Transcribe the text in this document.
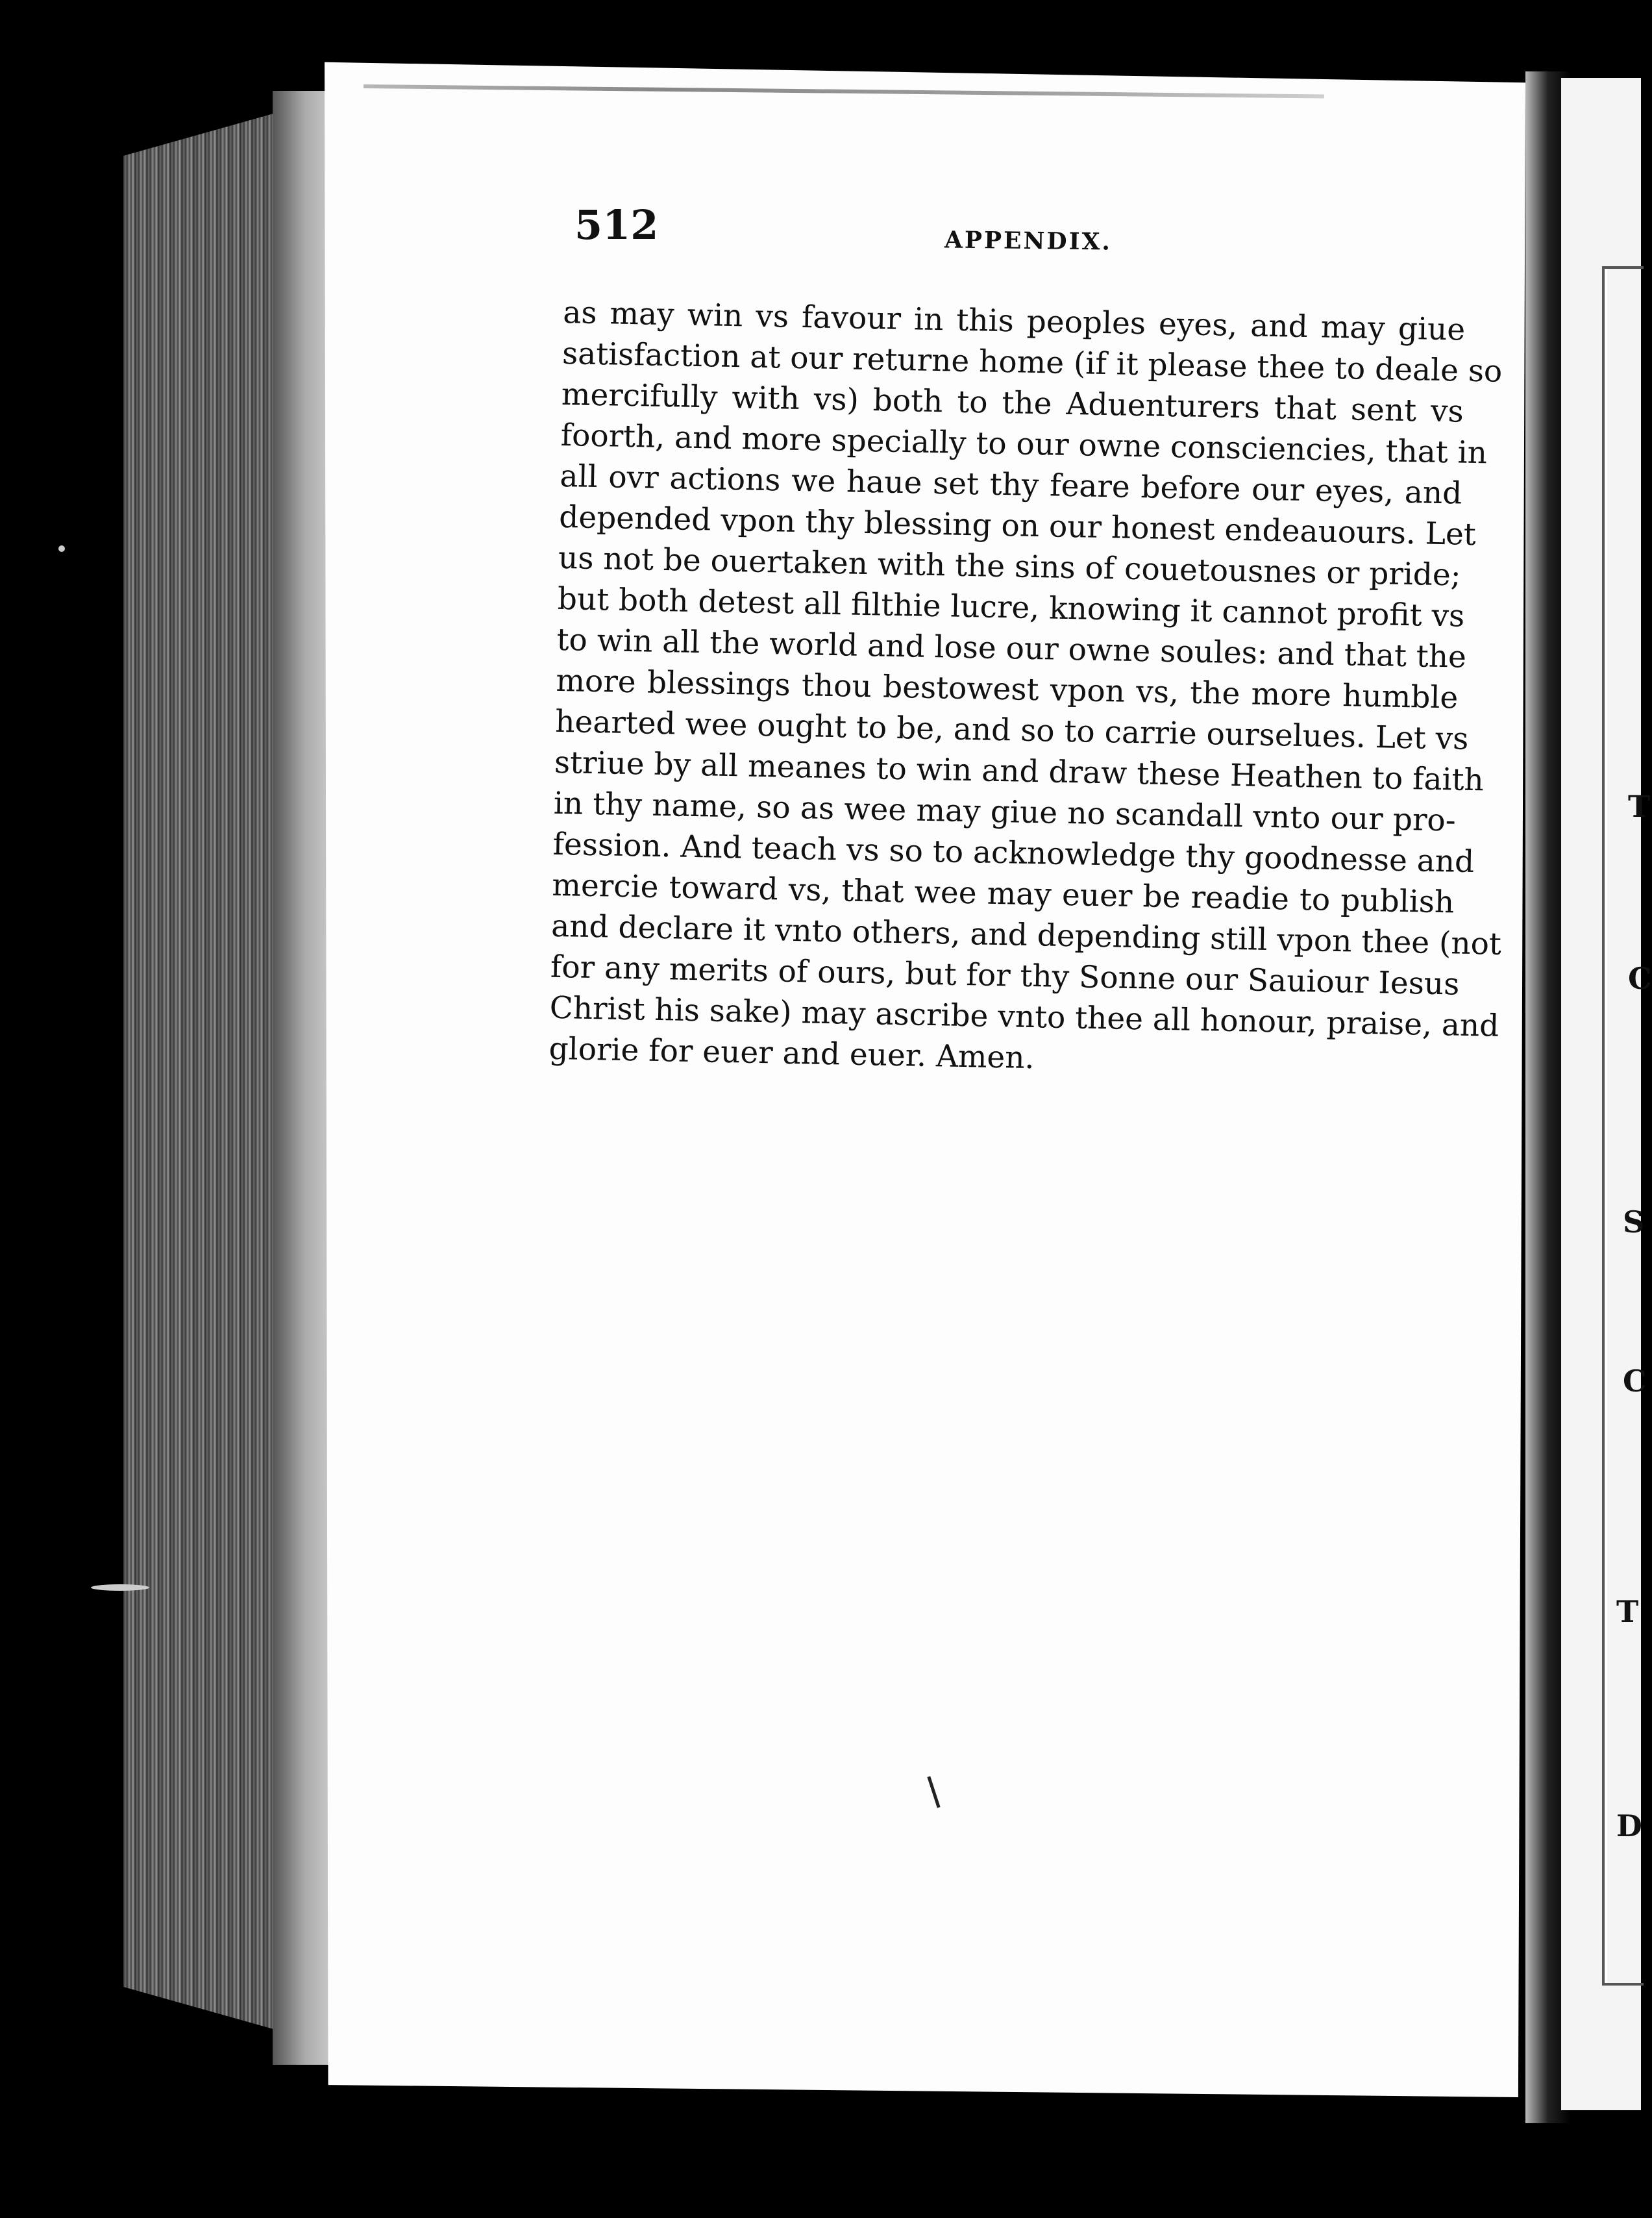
T
C
S
C
T
D
512	APPENDIX.
as may win vs favour in this peoples eyes, and may giue
satisfaction at our returne home (if it please thee to deale so
mercifully with vs) both to the Aduenturers that sent vs
foorth, and more specially to our owne consciencies, that in
all ovr actions we haue set thy feare before our eyes, and
depended vpon thy blessing on our honest endeauours. Let
us not be ouertaken with the sins of couetousnes or pride;
but both detest all filthie lucre, knowing it cannot profit vs
to win all the world and lose our owne soules: and that the
more blessings thou bestowest vpon vs, the more humble
hearted wee ought to be, and so to carrie ourselues. Let vs
striue by all meanes to win and draw these Heathen to faith
in thy name, so as wee may giue no scandall vnto our pro-
fession. And teach vs so to acknowledge thy goodnesse and
mercie toward vs, that wee may euer be readie to publish
and declare it vnto others, and depending still vpon thee (not
for any merits of ours, but for thy Sonne our Sauiour Iesus
Christ his sake) may ascribe vnto thee all honour, praise, and
glorie for euer and euer. Amen.
